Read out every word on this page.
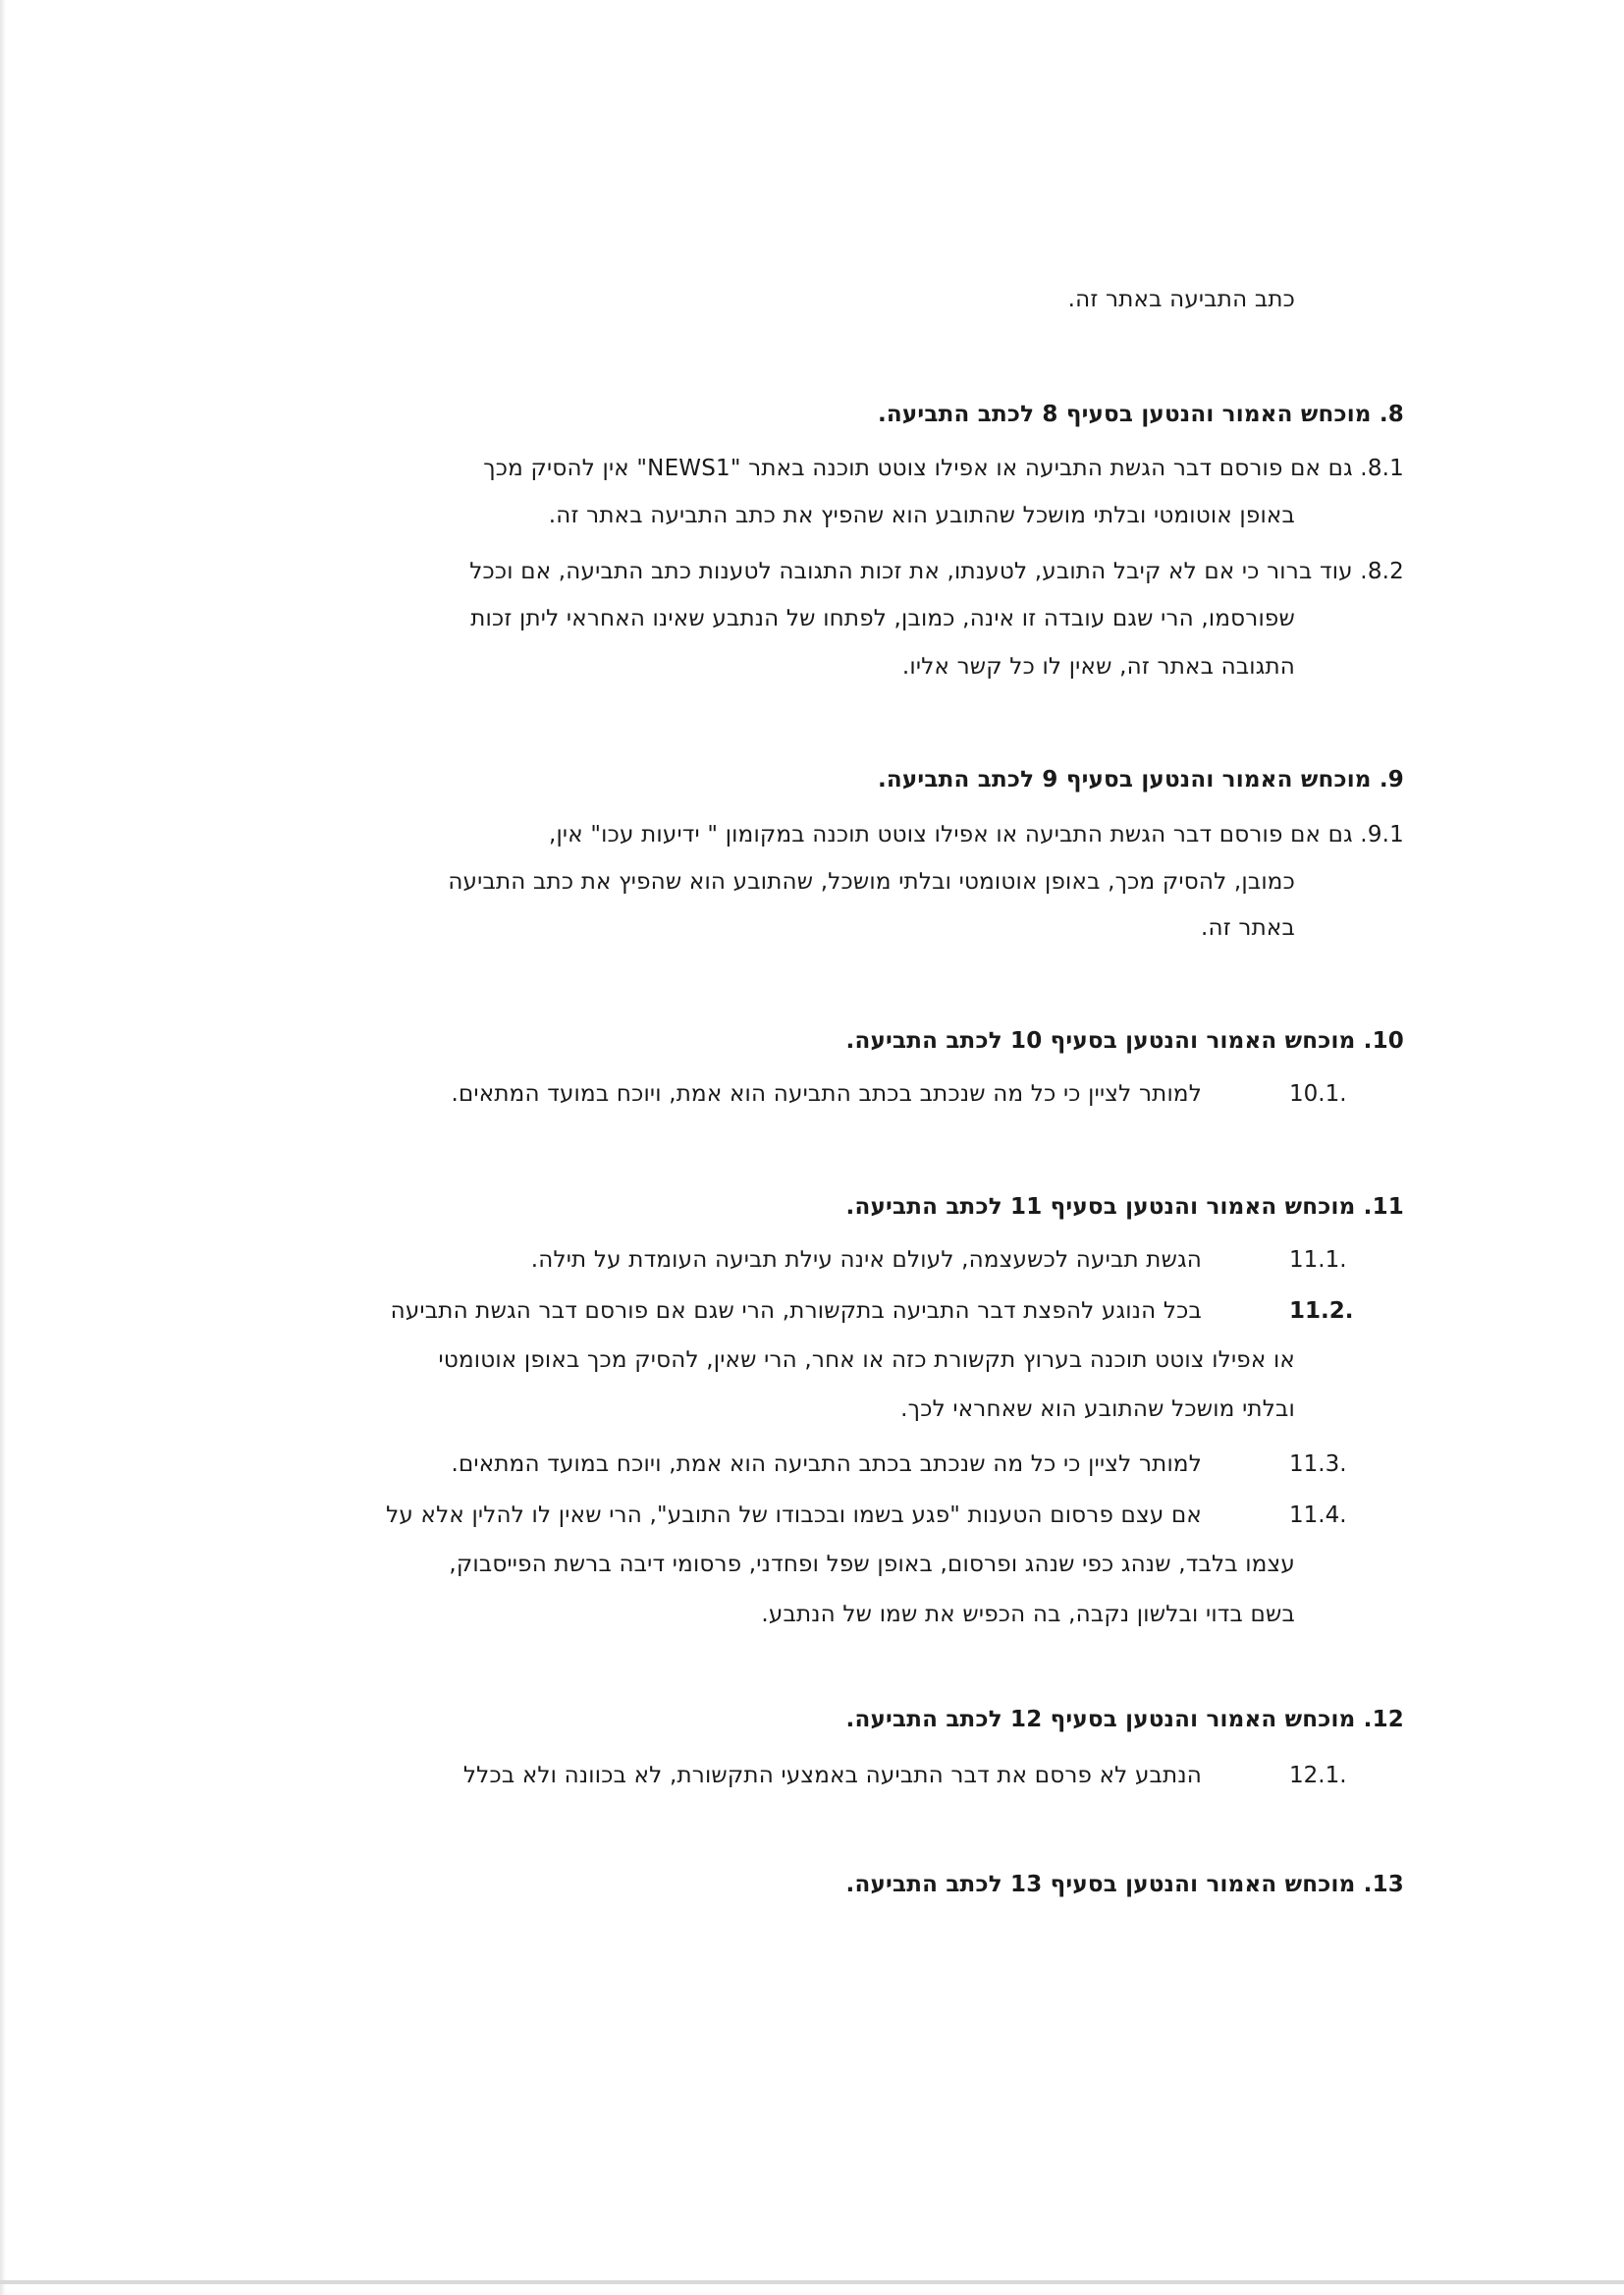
כתב התביעה באתר זה.
8. מוכחש האמור והנטען בסעיף 8 לכתב התביעה.
8.1. גם אם פורסם דבר הגשת התביעה או אפילו צוטט תוכנה באתר "NEWS1" אין להסיק מכך
באופן אוטומטי ובלתי מושכל שהתובע הוא שהפיץ את כתב התביעה באתר זה.
8.2. עוד ברור כי אם לא קיבל התובע, לטענתו, את זכות התגובה לטענות כתב התביעה, אם וככל
שפורסמו, הרי שגם עובדה זו אינה, כמובן, לפתחו של הנתבע שאינו האחראי ליתן זכות
התגובה באתר זה, שאין לו כל קשר אליו.
9. מוכחש האמור והנטען בסעיף 9 לכתב התביעה.
9.1. גם אם פורסם דבר הגשת התביעה או אפילו צוטט תוכנה במקומון " ידיעות עכו" אין,
כמובן, להסיק מכך, באופן אוטומטי ובלתי מושכל, שהתובע הוא שהפיץ את כתב התביעה
באתר זה.
10. מוכחש האמור והנטען בסעיף 10 לכתב התביעה.
10.1.
למותר לציין כי כל מה שנכתב בכתב התביעה הוא אמת, ויוכח במועד המתאים.
11. מוכחש האמור והנטען בסעיף 11 לכתב התביעה.
11.1.
הגשת תביעה לכשעצמה, לעולם אינה עילת תביעה העומדת על תילה.
11.2.
בכל הנוגע להפצת דבר התביעה בתקשורת, הרי שגם אם פורסם דבר הגשת התביעה
או אפילו צוטט תוכנה בערוץ תקשורת כזה או אחר, הרי שאין, להסיק מכך באופן אוטומטי
ובלתי מושכל שהתובע הוא שאחראי לכך.
11.3.
למותר לציין כי כל מה שנכתב בכתב התביעה הוא אמת, ויוכח במועד המתאים.
11.4.
אם עצם פרסום הטענות "פגע בשמו ובכבודו של התובע", הרי שאין לו להלין אלא על
עצמו בלבד, שנהג כפי שנהג ופרסום, באופן שפל ופחדני, פרסומי דיבה ברשת הפייסבוק,
בשם בדוי ובלשון נקבה, בה הכפיש את שמו של הנתבע.
12. מוכחש האמור והנטען בסעיף 12 לכתב התביעה.
12.1.
הנתבע לא פרסם את דבר התביעה באמצעי התקשורת, לא בכוונה ולא בכלל
13. מוכחש האמור והנטען בסעיף 13 לכתב התביעה.
